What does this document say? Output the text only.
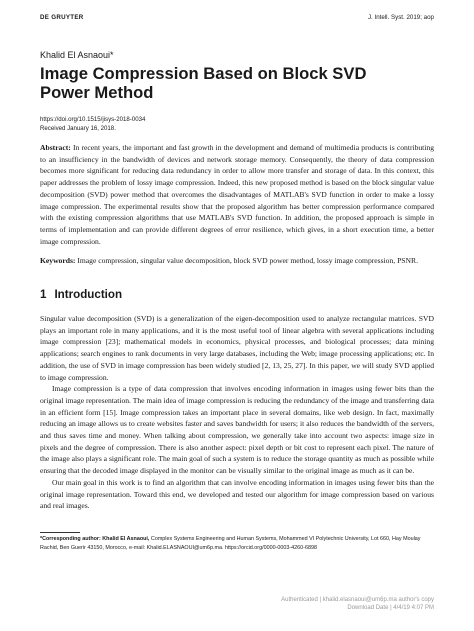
DE GRUYTER	J. Intell. Syst. 2019; aop
Khalid El Asnaoui*
Image Compression Based on Block SVD Power Method
https://doi.org/10.1515/jisys-2018-0034
Received January 16, 2018.
Abstract: In recent years, the important and fast growth in the development and demand of multimedia products is contributing to an insufficiency in the bandwidth of devices and network storage memory. Consequently, the theory of data compression becomes more significant for reducing data redundancy in order to allow more transfer and storage of data. In this context, this paper addresses the problem of lossy image compression. Indeed, this new proposed method is based on the block singular value decomposition (SVD) power method that overcomes the disadvantages of MATLAB's SVD function in order to make a lossy image compression. The experimental results show that the proposed algorithm has better compression performance compared with the existing compression algorithms that use MATLAB's SVD function. In addition, the proposed approach is simple in terms of implementation and can provide different degrees of error resilience, which gives, in a short execution time, a better image compression.
Keywords: Image compression, singular value decomposition, block SVD power method, lossy image compression, PSNR.
1 Introduction

Singular value decomposition (SVD) is a generalization of the eigen-decomposition used to analyze rectangular matrices. SVD plays an important role in many applications, and it is the most useful tool of linear algebra with several applications including image compression [23]; mathematical models in economics, physical processes, and biological processes; data mining applications; search engines to rank documents in very large databases, including the Web; image processing applications; etc. In addition, the use of SVD in image compression has been widely studied [2, 13, 25, 27]. In this paper, we will study SVD applied to image compression.

Image compression is a type of data compression that involves encoding information in images using fewer bits than the original image representation. The main idea of image compression is reducing the redundancy of the image and transferring data in an efficient form [15]. Image compression takes an important place in several domains, like web design. In fact, maximally reducing an image allows us to create websites faster and saves bandwidth for users; it also reduces the bandwidth of the servers, and thus saves time and money. When talking about compression, we generally take into account two aspects: image size in pixels and the degree of compression. There is also another aspect: pixel depth or bit cost to represent each pixel. The nature of the image also plays a significant role. The main goal of such a system is to reduce the storage quantity as much as possible while ensuring that the decoded image displayed in the monitor can be visually similar to the original image as much as it can be.

Our main goal in this work is to find an algorithm that can involve encoding information in images using fewer bits than the original image representation. Toward this end, we developed and tested our algorithm for image compression based on various and real images.

*Corresponding author: Khalid El Asnaoui, Complex Systems Engineering and Human Systems, Mohammed VI Polytechnic University, Lot 660, Hay Moulay Rachid, Ben Guerir 43150, Morocco, e-mail: Khalid.ELASNAOUI@um6p.ma. https://orcid.org/0000-0003-4260-6898
Authenticated | khalid.elasnaoui@um6p.ma author's copy
Download Date | 4/4/19 4:07 PM
